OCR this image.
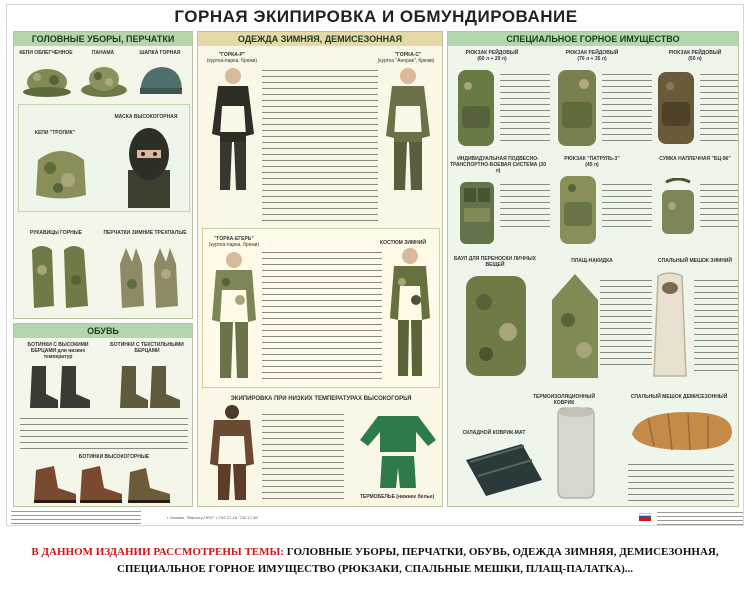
ГОРНАЯ ЭКИПИРОВКА И ОБМУНДИРОВАНИЕ
ГОЛОВНЫЕ УБОРЫ, ПЕРЧАТКИ
КЕПИ ОБЛЕГЧЕННОЕ	ПАНАМА	ШАПКА ГОРНАЯ
КЕПИ "ТРОПИК"
МАСКА ВЫСОКОГОРНАЯ
РУКАВИЦЫ ГОРНЫЕ	ПЕРЧАТКИ ЗИМНИЕ ТРЕХПАЛЫЕ
ОБУВЬ
БОТИНКИ С ВЫСОКИМИ БЕРЦАМИ для низких температур
БОТИНКИ С ТЕКСТИЛЬНЫМИ БЕРЦАМИ
БОТИНКИ ВЫСОКОГОРНЫЕ
ОДЕЖДА ЗИМНЯЯ, ДЕМИСЕЗОННАЯ
"ГОРКА-Р"
(куртка-парка, брюки)
"ГОРКА-С"
(куртка "Анорак", брюки)
"ГОРКА-ЕГЕРЬ"
(куртка-парка, брюки)	КОСТЮМ ЗИМНИЙ
ЭКИПИРОВКА ПРИ НИЗКИХ ТЕМПЕРАТУРАХ ВЫСОКОГОРЬЯ
ТЕРМОБЕЛЬЕ (нижнее белье)
СПЕЦИАЛЬНОЕ ГОРНОЕ ИМУЩЕСТВО
РЮКЗАК РЕЙДОВЫЙ
(60 л + 20 л)
РЮКЗАК РЕЙДОВЫЙ
(70 л + 35 л)
РЮКЗАК РЕЙДОВЫЙ
(50 л)
ИНДИВИДУАЛЬНАЯ ПОДВЕСНО-ТРАНСПОРТНО-БОЕВАЯ СИСТЕМА (30 л)
РЮКЗАК "ПАТРУЛЬ-3"
(45 л)
СУМКА НАПЛЕЧНАЯ "БЦ-96"
БАУЛ ДЛЯ ПЕРЕНОСКИ ЛИЧНЫХ ВЕЩЕЙ
ПЛАЩ-НАКИДКА	СПАЛЬНЫЙ МЕШОК ЗИМНИЙ
ТЕРМОИЗОЛЯЦИОННЫЙ КОВРИК
СКЛАДНОЙ КОВРИК-МАТ
СПАЛЬНЫЙ МЕШОК ДЕМИСЕЗОННЫЙ
г. Москва, "Магистр-ПРО" т.:742-17-16, 742-17-46
В ДАННОМ ИЗДАНИИ РАССМОТРЕНЫ ТЕМЫ: ГОЛОВНЫЕ УБОРЫ, ПЕРЧАТКИ, ОБУВЬ, ОДЕЖДА ЗИМНЯЯ, ДЕМИСЕЗОННАЯ,
СПЕЦИАЛЬНОЕ ГОРНОЕ ИМУЩЕСТВО (РЮКЗАКИ, СПАЛЬНЫЕ МЕШКИ, ПЛАЩ-ПАЛАТКА)...
